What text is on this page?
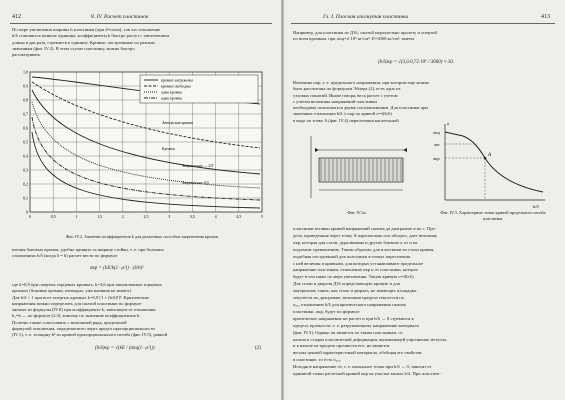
412	Ч. IV. Расчет пластинок
По мере увеличения ширины b пластинки (при δ=const), так что отношение
b/δ становится меньше единицы, коэффициенты k быстро растут с увеличением
длины в два раза, стремятся к единице. Кривые, построенные по разным
значениям (фиг. IV.2). В этом случае пластинку, можно быстро
рассматривать
1,0
0,9
0,8
0,7
0,6
0,5
0,4
0,3
0,2
0,1
0
0	0,5	1	1,5	2	2,5	3	3,5	4	4,5	5
кромки загружены
кромки свободны
одна кромка
одна кромка
Авторская кривая
Кромки
Защемление — 2/5
Защемление 0,5
Фиг. IV.2. Значение коэффициентов k для различных способов закрепления кромок.
вления боковых кромок, удобно принять за ширину стойки, т. е. при больших
отношениях b/δ (когда δ = b) расчет вести по формуле
σкр = (bE/k(1−μ²)) · (δ/b)²
где k=0,9 при опертых торцевых кромках, k=3,6 при защемленных торцевых
кромках (боковые кромки, очевидно, уже влияния не имеют).
Для b/δ < 1 при всех опертых кромках k=0,9 [1 + (b/δ)²]². Критические
напряжения можно определить для сжатой пластинки по формуле
ляемые из формулы (IV.8) при коэффициенте k, зависящем от отношения
b₁=b — по формуле (2.4), взятому по значению коэффициентов k.
Полезно также сопоставить с величиной ряда, предельной
формулой отношения, определяемого через предел пропорциональности
(IV.1), т. е. толщину b² из кривой пропорционального изгиба (фиг. IV.5), равной
(b/δ)кр = √(kE / (σпц(1−μ²)))	(2)
Гл. I. Плоская изогнутая пластинка	413
Например, для пластинки из Д16, сжатой параллельно пролету и опертой
по всем кромкам, при σпц=2·10⁵ кг/см², E=3000 кг/см², имеем
(b/δ)кр = √(3,6·0,72·10⁶ / 3000) ≈ 30.
Величина σкр, т. е. предельного напряжения, при котором еще можно
быть рассчитана по формулам Эйлера (2), есть одно из
узловых понятий. Иначе говоря, весь расчет с учетом
с учетом величины напряжений пластинки
необходимо пользоваться двумя соотношениями. Для пластинки при
значениях отношения b/δ ≥ σкр по кривой σ=f(b/δ)
в виде по точке A (фиг. IV.4) пересечения касательной
Фиг. IV.2а.
A
σт
σкр
σпц
b/δ
σ
Фиг. IV.3. Характерные точки кривой предельного изгиба пластинки.
пластинки вставки кривой напряжений сжатия да диаграмме в но с. Пре-
дела, проведенная через точку A параллельно оси абсцисс, дает величину
σкр, которая для стали, дуралюмина и других близких к σт и не
подлежит превышению. Таким образом, для пластинки из стали кривая,
подобная построенной для пластинки в точках пересечения
с ней величин и кривыми, для которых устанавливают предельное
напряжение пластинки, отношение σкр к σт пластинки, которое
будет в тем ниже по мере увеличения. Такую кривую σ=f(b/δ)
Для стали и дюраля Д16 определяющую кривую и для
материалов, таких, как сталь и дюраль, не имеющих площадки
текучести по диаграмме, величина предела текучести по
σ₀,₂ отношению b/δ для критического напряжения сжатия
пластинки, σкр, будет по формуле
критическое напряжение не растет и при b/δ → 0 стремится к
пределу прочности, т. е. разрушающему напряжению материала
(фиг. IV.3). Однако σв является по таким пластинкам, от
начала в стадии пластической деформации, вызывающей упрочнение металла,
и в начале не предела прочности его; но является
весьма ценной характеристикой материала, обобщая его свойства
в пластинке, то есть σ₀,₂.
Исходное напряжение σт, т. е. начальное точки при b/δ → 0, зависит от
принятой точки расчетной кривой σкр на участке малых b/δ. При пластиче-
